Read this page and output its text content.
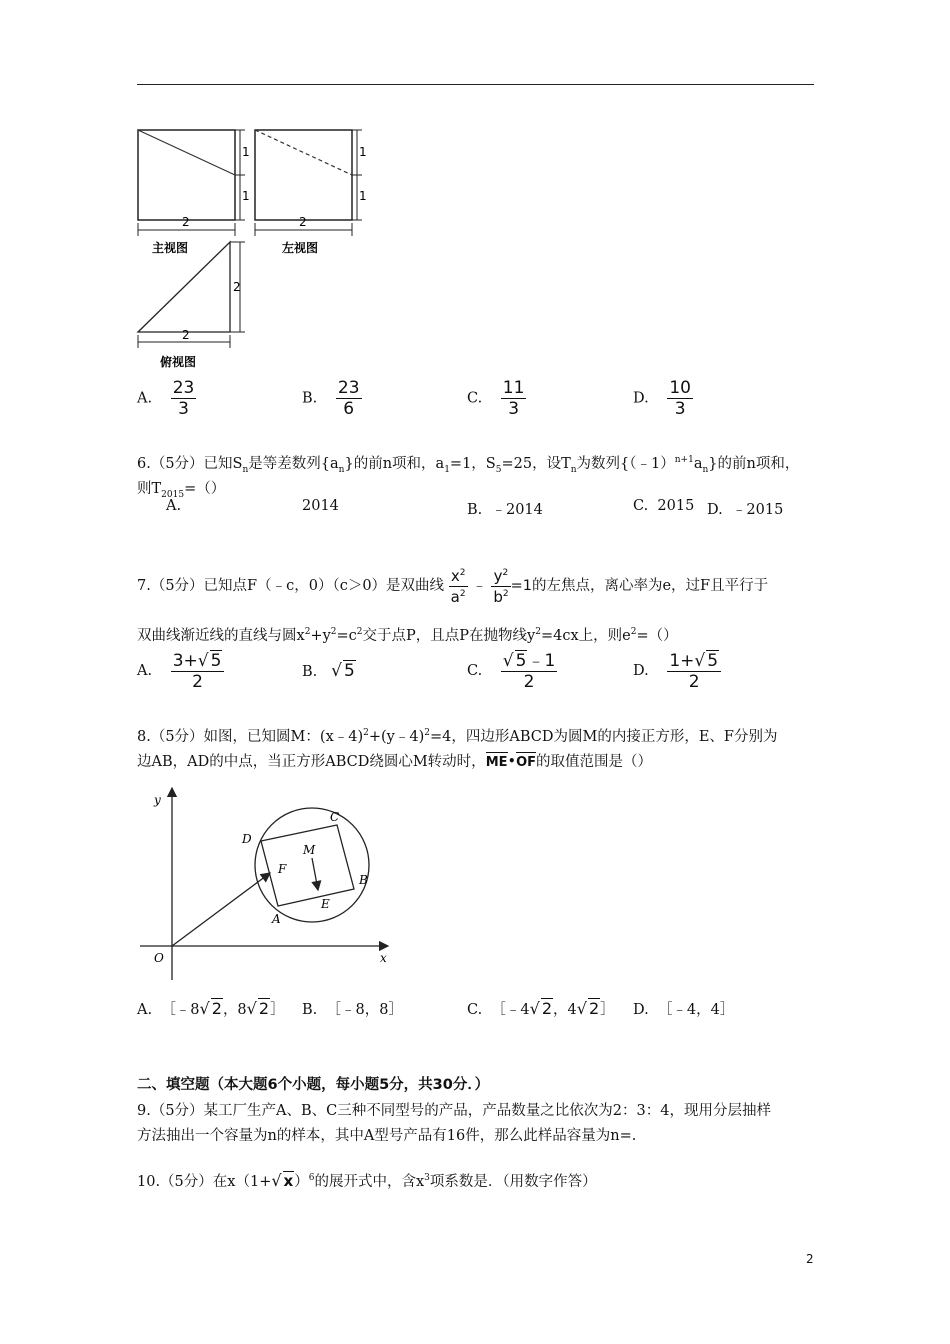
1
1
2
主视图
1
1
2
左视图
2
2
俯视图
A. $\frac{23}{3}$	B. $\frac{23}{6}$	C. $\frac{11}{3}$	D. $\frac{10}{3}$
6.（5分）已知$S_n$是等差数列$\{a_n\}$的前n项和，$a_1=1$，$S_5=25$，设$T_n$为数列$\{(﹣1)^{n+1}a_n\}$的前n项和，
则$T_{2015}=()$
A.	2014	B. ﹣2014	C. 2015 D. ﹣2015
7.（5分）已知点F（﹣c，0）（c＞0）是双曲线 $\frac{x^2}{a^2}$ ﹣ $\frac{y^2}{b^2} =1$的左焦点，离心率为e，过F且平行于
双曲线渐近线的直线与圆$x^2+y^2=c^2$交于点P，且点P在抛物线$y^2=4cx$上，则$e^2=()$
A. $\frac{3+√ 5}{2}$	B. √ 5	C. $\frac{√ 5﹣1}{2}$	D. $\frac{1+√ 5}{2}$
8.（5分）如图，已知圆M：(x﹣4)$^2$+(y﹣4)$^2$=4，四边形ABCD为圆M的内接正方形，E、F分别为
边AB，AD的中点，当正方形ABCD绕圆心M转动时，ME•OF的取值范围是（）
y
x
O
A
B
C
D
E
F
M
A. ［﹣8√ 2，8√ 2］ B. ［﹣8，8］	C. ［﹣4√ 2，4√ 2］ D. ［﹣4，4］
二、填空题（本大题6个小题，每小题5分，共30分．）
9.（5分）某工厂生产A、B、C三种不同型号的产品，产品数量之比依次为2：3：4，现用分层抽样
方法抽出一个容量为n的样本，其中A型号产品有16件，那么此样品容量为n=.
10.（5分）在x（1+√ x）$^6$的展开式中，含$x^3$项系数是．（用数字作答）
2
